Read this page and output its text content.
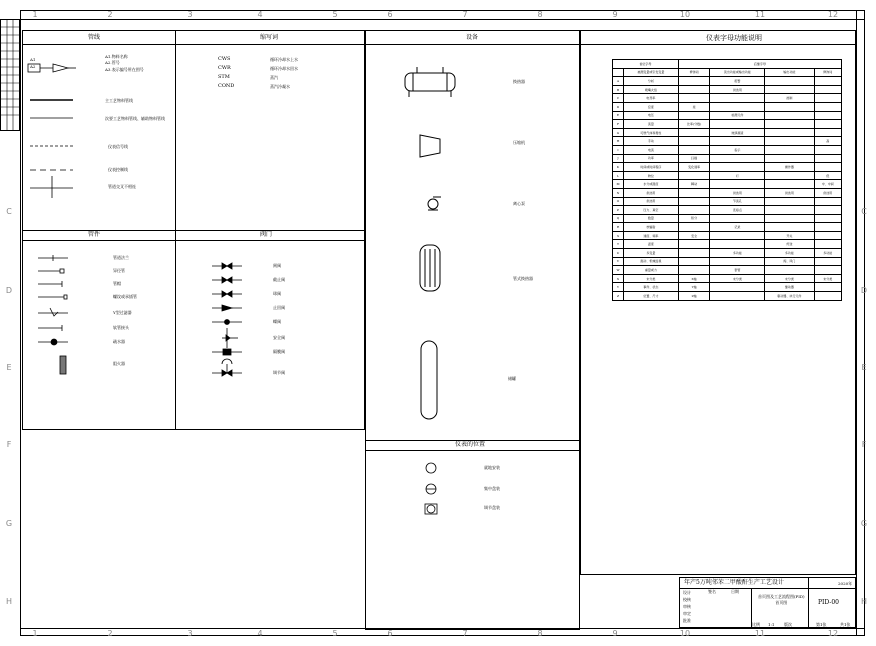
1	2	3	4	5	6	7	8	9	10	11	12
1	2	3	4	5	6	7	8	9	10	11	12
C
D
E
F
G
H
C
D
E
F
G
H
管线	缩写词
管件	阀门
A1
A2
A1.物料名称
A2.管号
A3.表示编号所在图号
主工艺物料管线
次要工艺物料管线、辅助物料管线
仪表信号线
仪表控制线
管道交叉不相连
CWS	循环冷却水上水
CWR	循环冷却水回水
STM	蒸汽
COND	蒸汽冷凝水
管道法兰
异径管
管帽
螺纹或承插管
Y型过滤器
软管接头
疏水器
阻火器
闸阀
截止阀
球阀
止回阀
蝶阀
安全阀
隔膜阀
调节阀
设备
仪表的位置
换热器
压缩机
离心泵
管式换热器
储罐
就地安装
集中盘装
调节盘装
仪表字母功能说明
首位字母		后继字母			
	被测变量或引发变量	修饰词	读出功能或输出功能	输出功能	修饰词
A	分析		报警		
B	喷嘴火焰		供选用		
C	电导率			控制	
D	密度	差			
E	电压		检测元件		
F	流量	比率(分数)			
G	可燃气体和毒性		玻璃视镜		
H	手动				高
I	电流		指示		
J	功率	扫描			
K	时间或时间程序	变化速率		操作器	
L	物位		灯		低
M	水分或湿度	瞬动			中、中间
N	供选用		供选用	供选用	供选用
O	供选用		节流孔		
P	压力、真空		连接点		
Q	数量	积分			
R	核辐射		记录		
S	速度、频率	安全		开关	
T	温度			传送	
U	多变量		多功能	多功能	多功能
V	振动、机械监视			阀、风门	
W	重量或力		套管		
X	未分类	X轴	未分类	未分类	未分类
Y	事件、状态	Y轴		继动器	
Z	位置、尺寸	Z轴		驱动器、执行元件	
年产5万吨邻苯二甲酸酐生产工艺设计	2020年
首页图及工艺流程图(PID)
首页图	PID-00
签名	日期
设计
校核
审核
审定
批准
比例 1:1 版次	第1张	共1张
